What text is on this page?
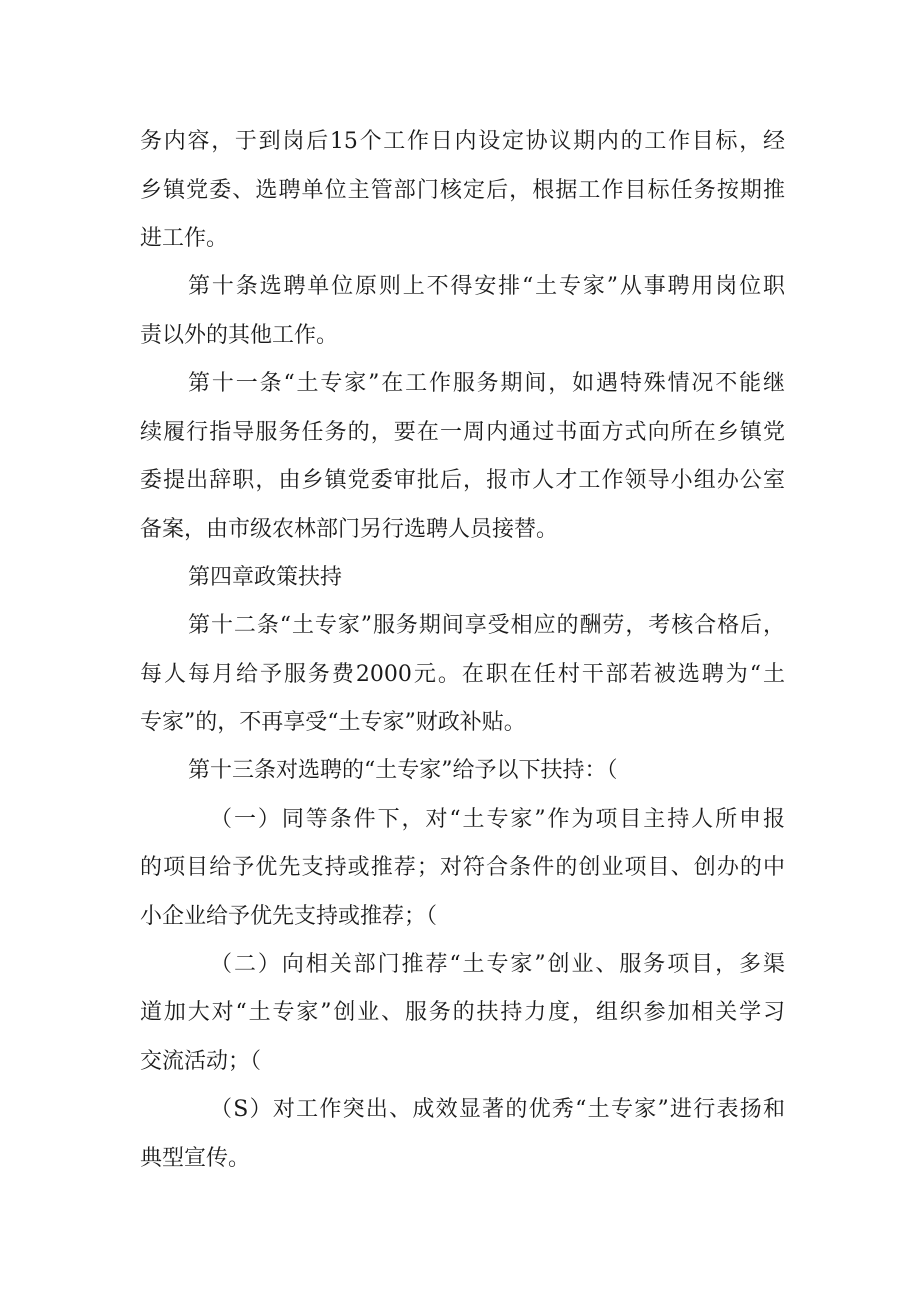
务内容，于到岗后15个工作日内设定协议期内的工作目标，经
乡镇党委、选聘单位主管部门核定后，根据工作目标任务按期推
进工作。
第十条选聘单位原则上不得安排“土专家”从事聘用岗位职
责以外的其他工作。
第十一条“土专家”在工作服务期间，如遇特殊情况不能继
续履行指导服务任务的，要在一周内通过书面方式向所在乡镇党
委提出辞职，由乡镇党委审批后，报市人才工作领导小组办公室
备案，由市级农林部门另行选聘人员接替。
第四章政策扶持
第十二条“土专家”服务期间享受相应的酬劳，考核合格后，
每人每月给予服务费2000元。在职在任村干部若被选聘为“土
专家”的，不再享受“土专家”财政补贴。
第十三条对选聘的“土专家”给予以下扶持：（
（一）同等条件下，对“土专家”作为项目主持人所申报
的项目给予优先支持或推荐；对符合条件的创业项目、创办的中
小企业给予优先支持或推荐；（
（二）向相关部门推荐“土专家”创业、服务项目，多渠
道加大对“土专家”创业、服务的扶持力度，组织参加相关学习
交流活动；（
（S）对工作突出、成效显著的优秀“土专家”进行表扬和
典型宣传。
